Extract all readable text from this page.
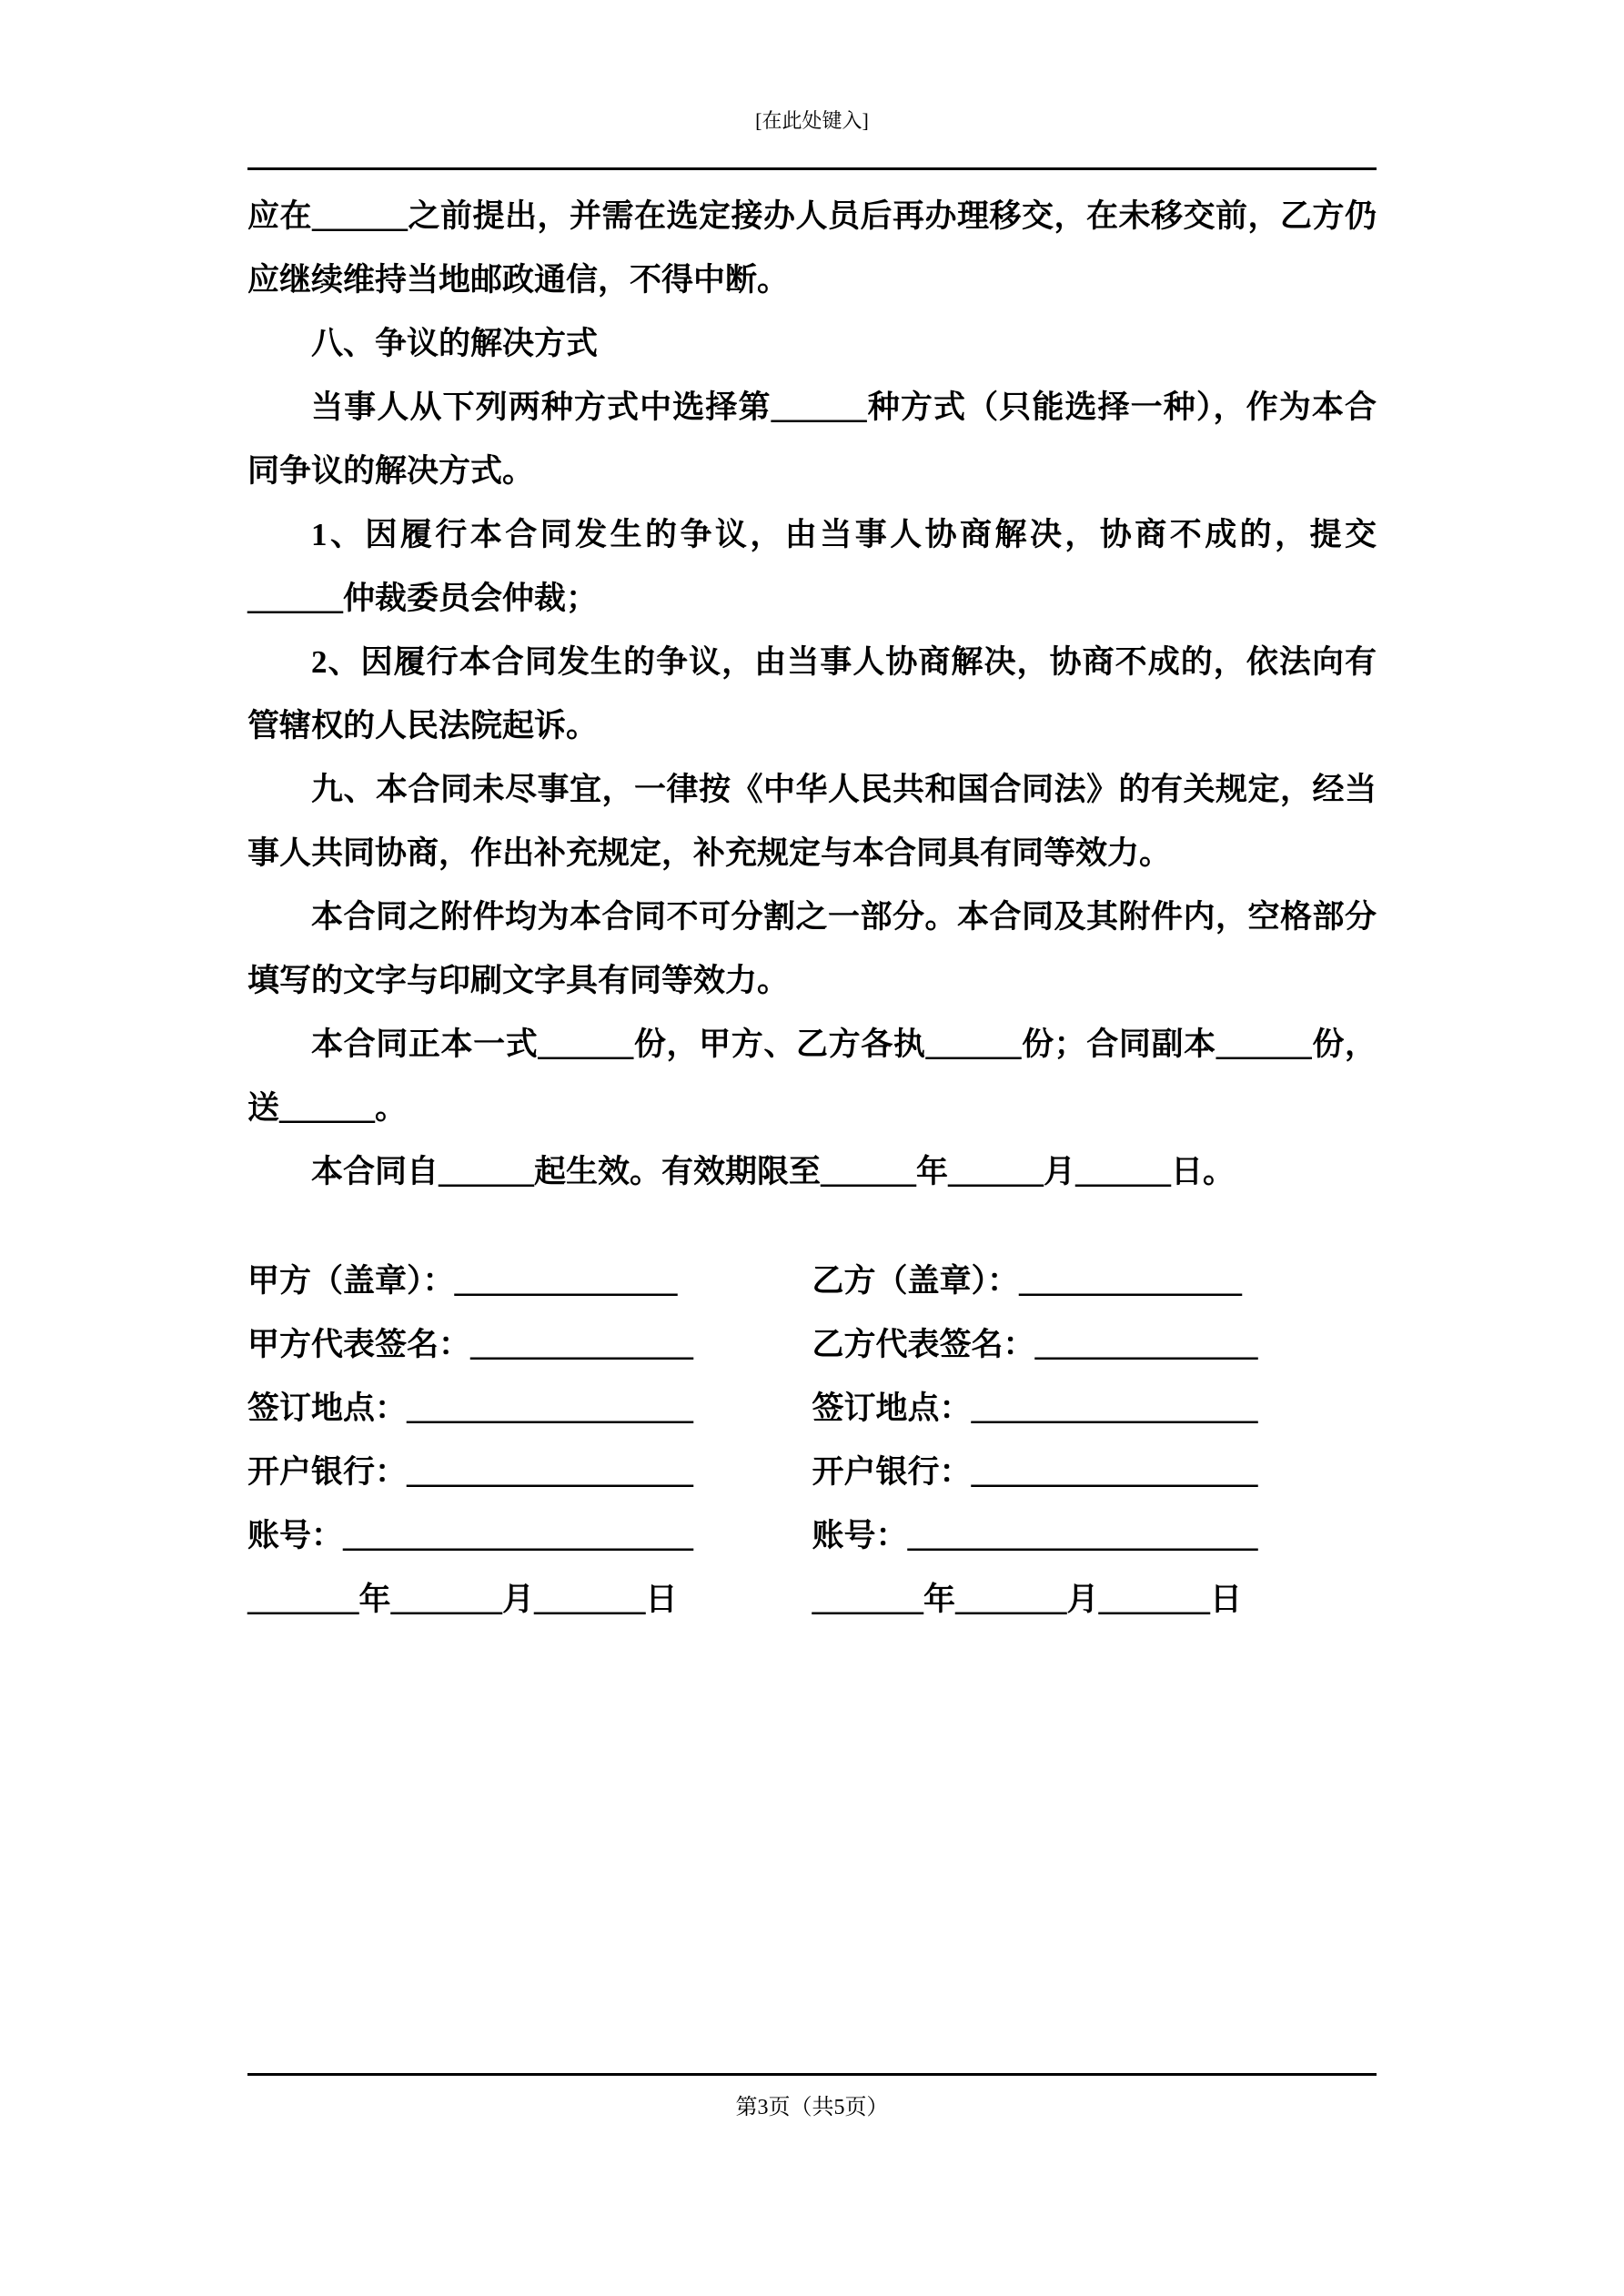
[在此处键入]

应在______之前提出，并需在选定接办人员后再办理移交，在未移交前，乙方仍应继续维持当地邮政通信，不得中断。

八、争议的解决方式

当事人从下列两种方式中选择第______种方式（只能选择一种），作为本合同争议的解决方式。

1、因履行本合同发生的争议，由当事人协商解决，协商不成的，提交______仲裁委员会仲裁；

2、因履行本合同发生的争议，由当事人协商解决，协商不成的，依法向有管辖权的人民法院起诉。

九、本合同未尽事宜，一律按《中华人民共和国合同法》的有关规定，经当事人共同协商，作出补充规定，补充规定与本合同具有同等效力。

本合同之附件均为本合同不可分割之一部分。本合同及其附件内，空格部分填写的文字与印刷文字具有同等效力。

本合同正本一式______份，甲方、乙方各执______份；合同副本______份，送______。

本合同自______起生效。有效期限至______年______月______日。

甲方（盖章）：______________

甲方代表签名：______________

签订地点：__________________

开户银行：__________________

账号：______________________

_______年_______月_______日

乙方（盖章）：______________

乙方代表签名：______________

签订地点：__________________

开户银行：__________________

账号：______________________

_______年_______月_______日

第3页（共5页）
